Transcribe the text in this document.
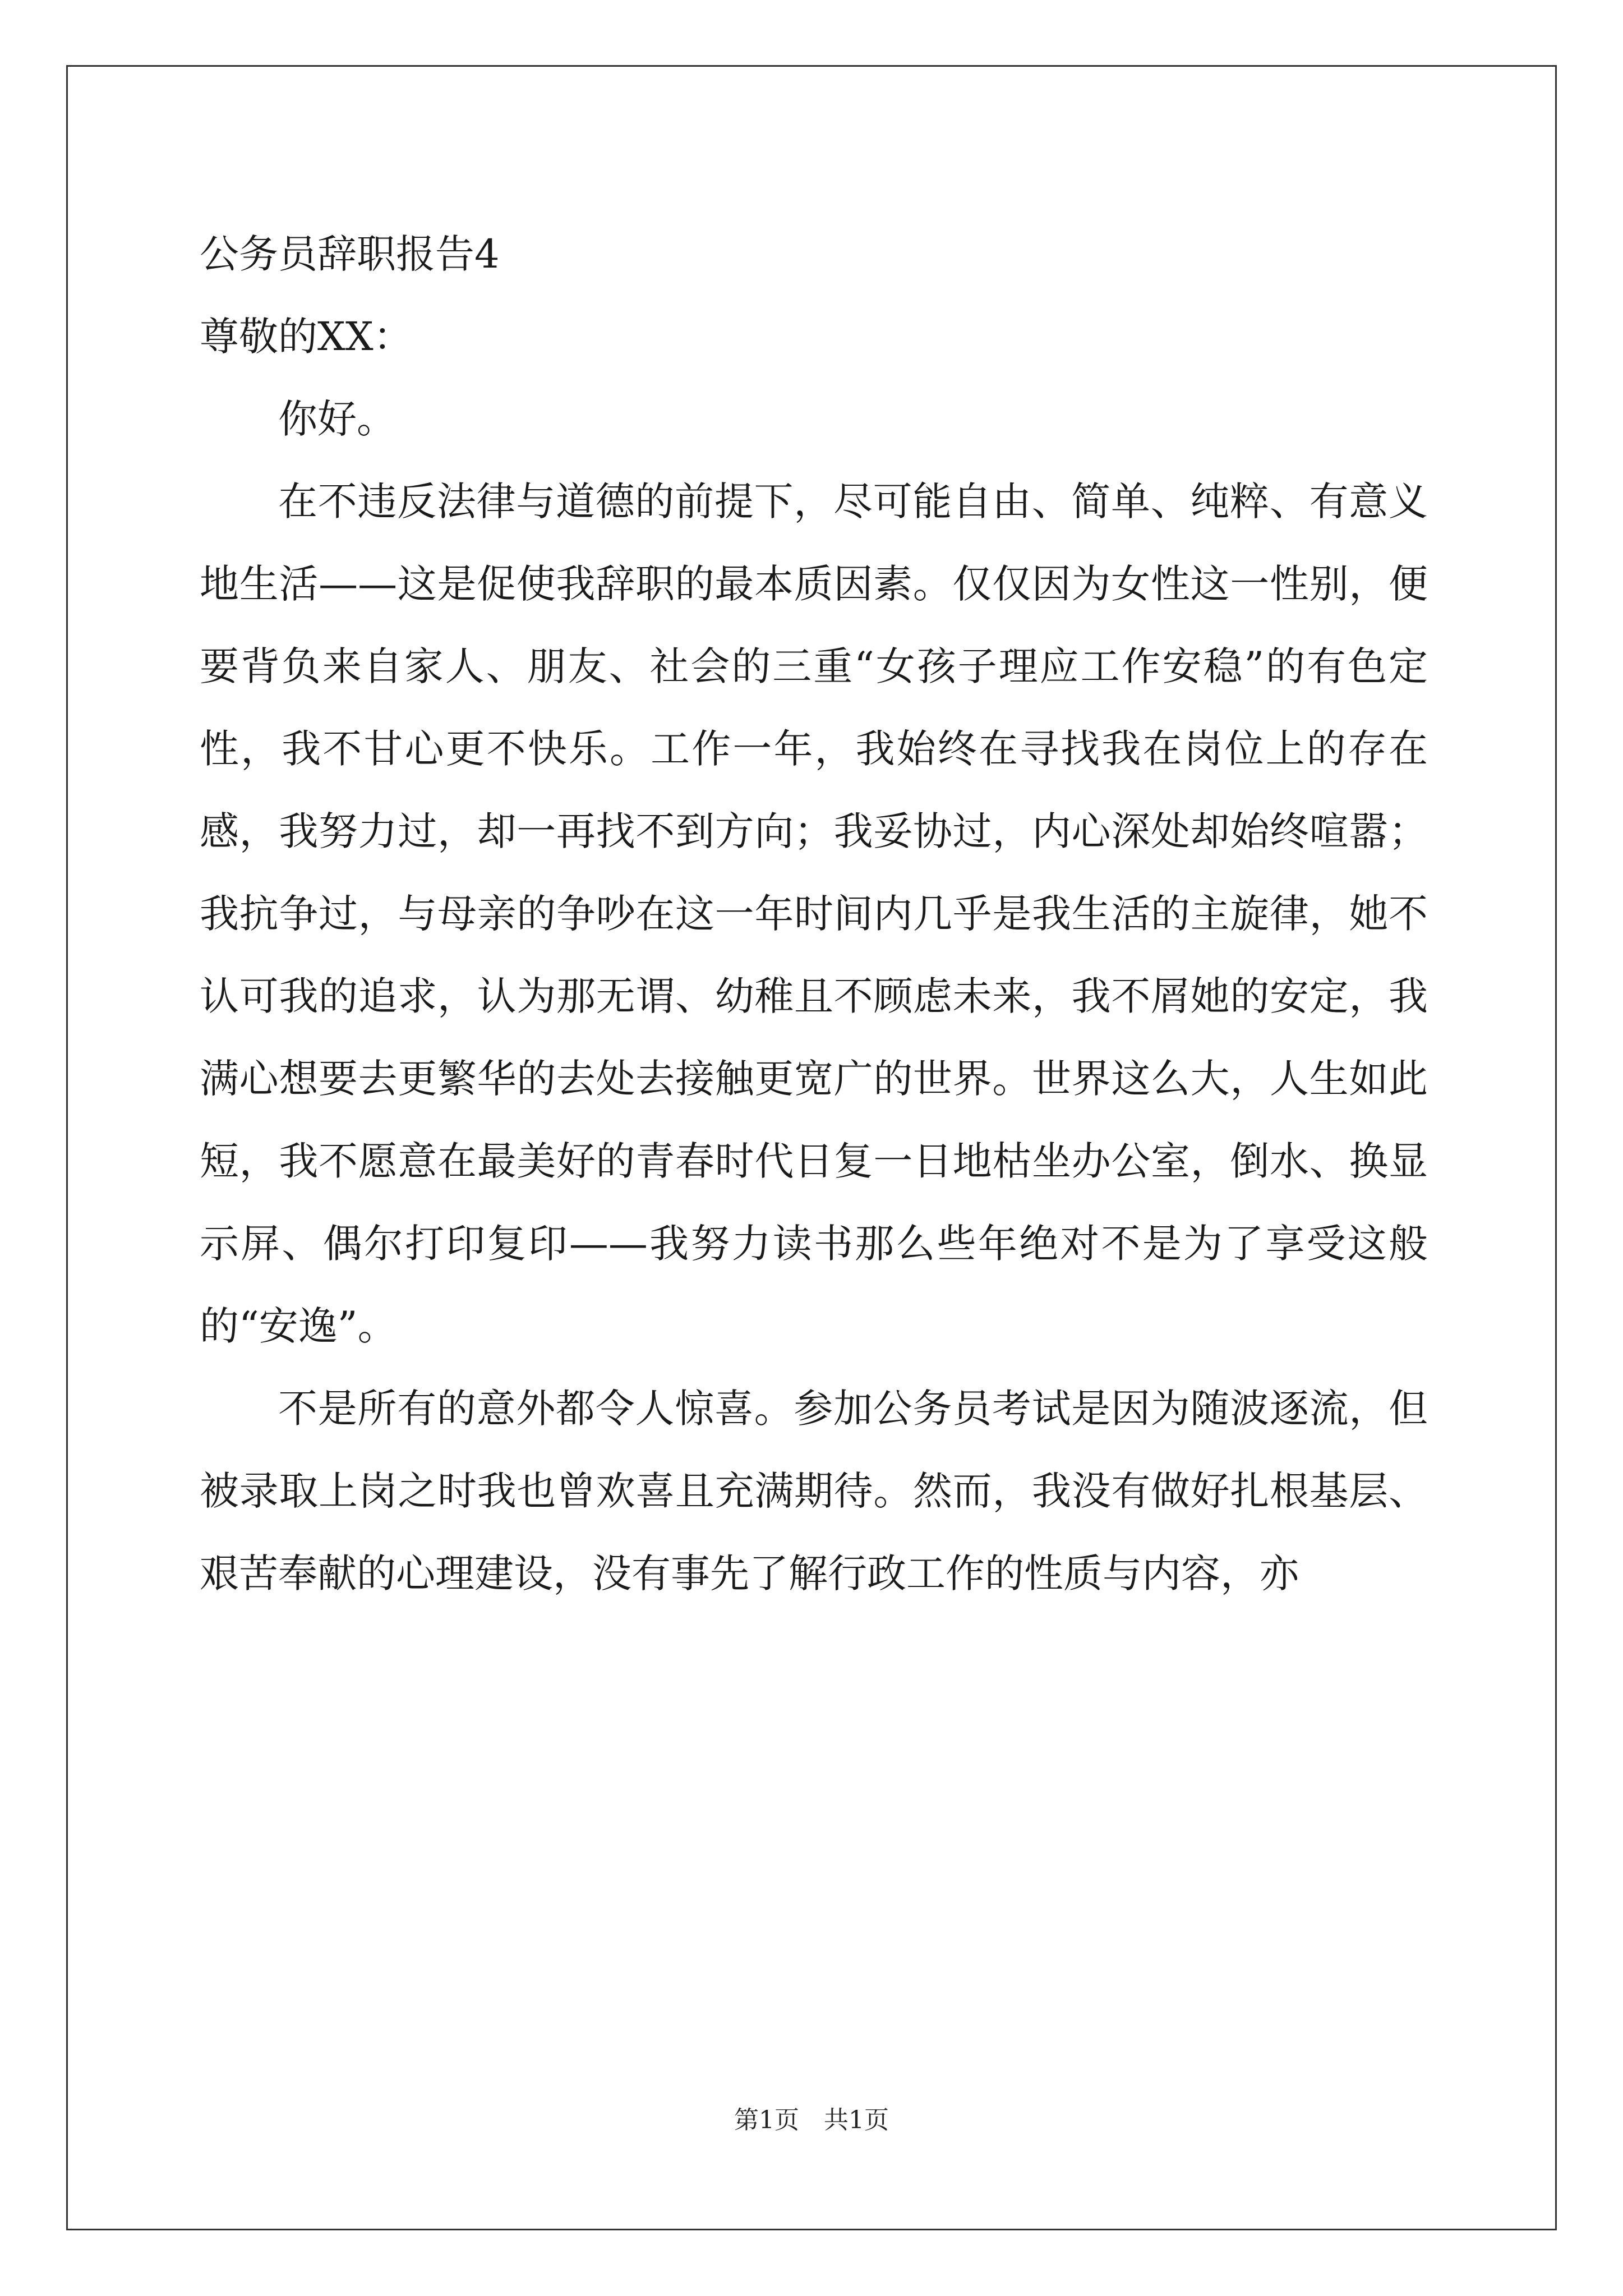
公务员辞职报告4

尊敬的XX：

你好。

在不违反法律与道德的前提下，尽可能自由、简单、纯粹、有意义地生活——这是促使我辞职的最本质因素。仅仅因为女性这一性别，便要背负来自家人、朋友、社会的三重“女孩子理应工作安稳”的有色定性，我不甘心更不快乐。工作一年，我始终在寻找我在岗位上的存在感，我努力过，却一再找不到方向；我妥协过，内心深处却始终喧嚣；我抗争过，与母亲的争吵在这一年时间内几乎是我生活的主旋律，她不认可我的追求，认为那无谓、幼稚且不顾虑未来，我不屑她的安定，我满心想要去更繁华的去处去接触更宽广的世界。世界这么大，人生如此短，我不愿意在最美好的青春时代日复一日地枯坐办公室，倒水、换显示屏、偶尔打印复印——我努力读书那么些年绝对不是为了享受这般的“安逸”。

不是所有的意外都令人惊喜。参加公务员考试是因为随波逐流，但被录取上岗之时我也曾欢喜且充满期待。然而，我没有做好扎根基层、艰苦奉献的心理建设，没有事先了解行政工作的性质与内容，亦

第1页　共1页
